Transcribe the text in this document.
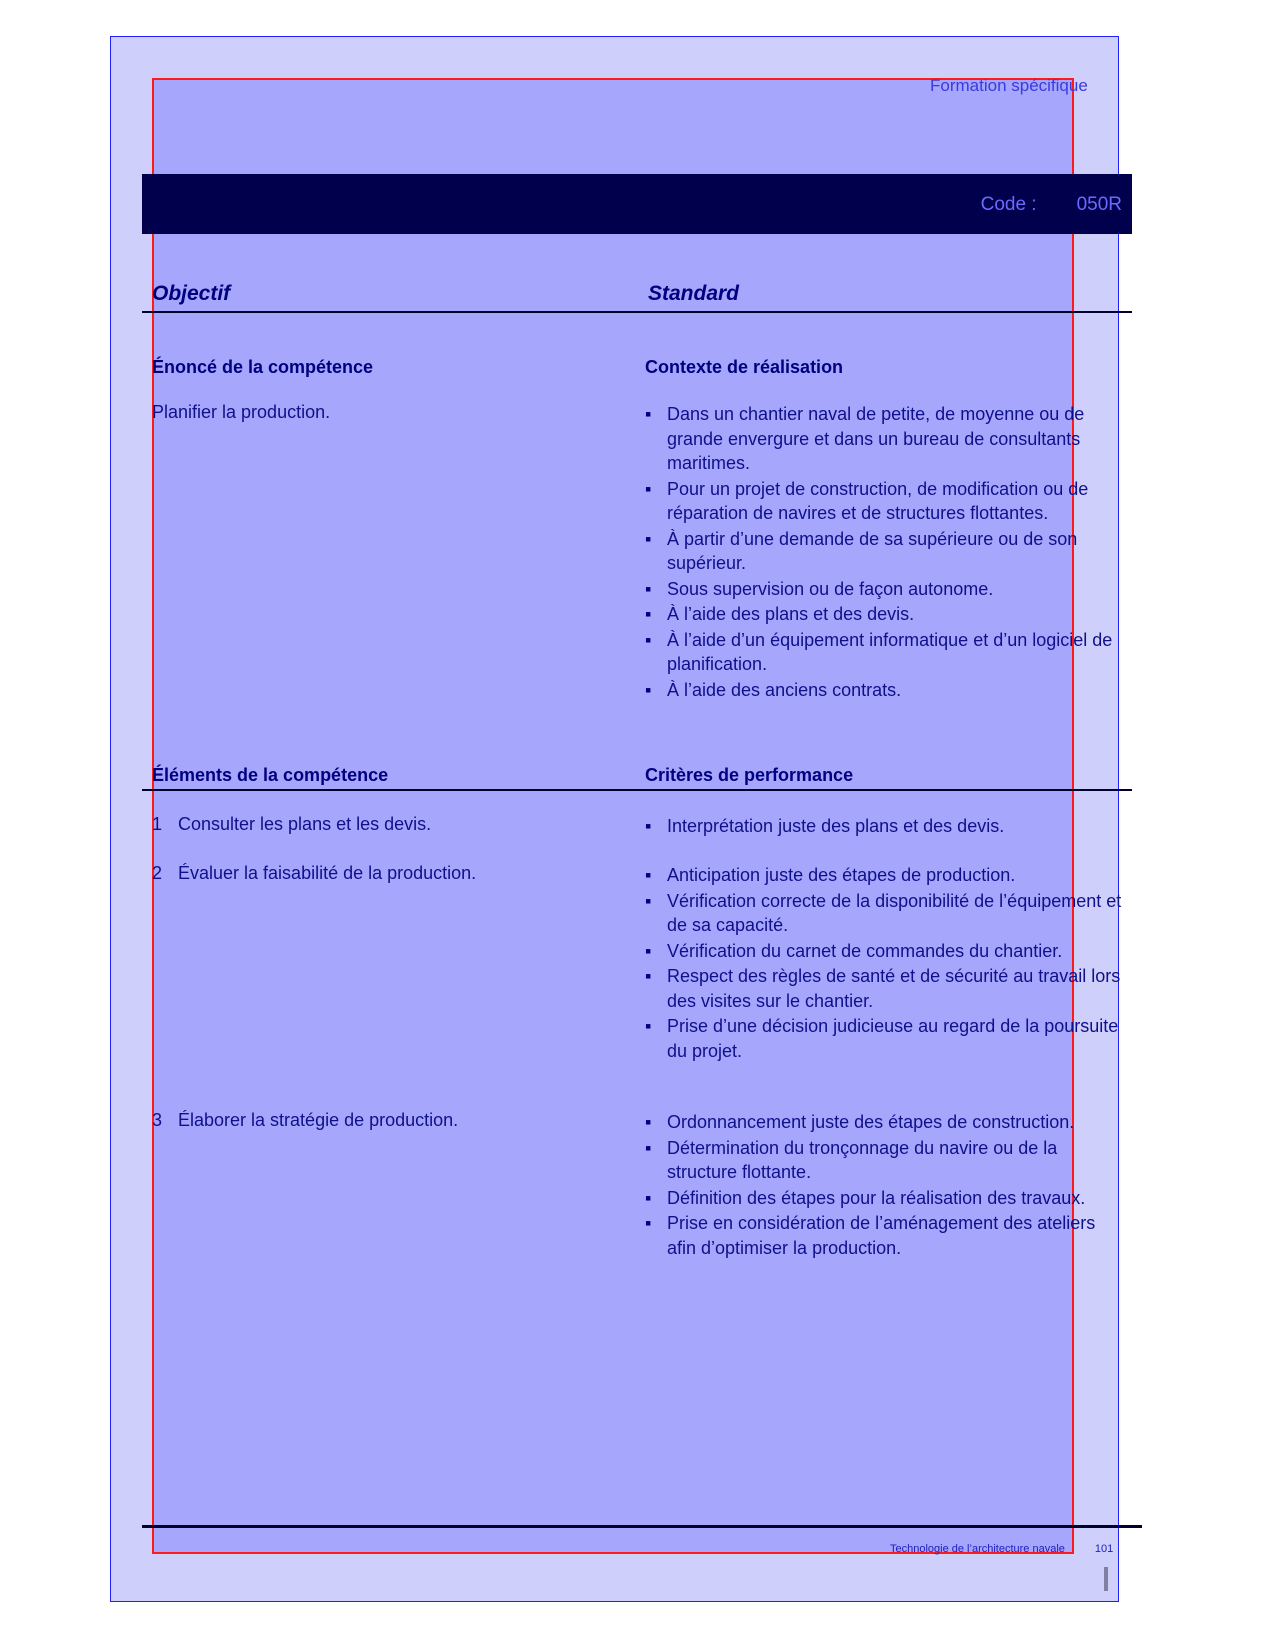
Formation spécifique
Code : 050R
Objectif	Standard
Énoncé de la compétence	Contexte de réalisation
Planifier la production.	▪ Dans un chantier naval de petite, de moyenne ou de grande envergure et dans un bureau de consultants maritimes.
▪ Pour un projet de construction, de modification ou de réparation de navires et de structures flottantes.
▪ À partir d’une demande de sa supérieure ou de son supérieur.
▪ Sous supervision ou de façon autonome.
▪ À l’aide des plans et des devis.
▪ À l’aide d’un équipement informatique et d’un logiciel de planification.
▪ À l’aide des anciens contrats.
Éléments de la compétence	Critères de performance
1 Consulter les plans et les devis.	▪ Interprétation juste des plans et des devis.
2 Évaluer la faisabilité de la production.	▪ Anticipation juste des étapes de production.
▪ Vérification correcte de la disponibilité de l’équipement et de sa capacité.
▪ Vérification du carnet de commandes du chantier.
▪ Respect des règles de santé et de sécurité au travail lors des visites sur le chantier.
▪ Prise d’une décision judicieuse au regard de la poursuite du projet.
3 Élaborer la stratégie de production.	▪ Ordonnancement juste des étapes de construction.
▪ Détermination du tronçonnage du navire ou de la structure flottante.
▪ Définition des étapes pour la réalisation des travaux.
▪ Prise en considération de l’aménagement des ateliers afin d’optimiser la production.
Technologie de l’architecture navale	101
